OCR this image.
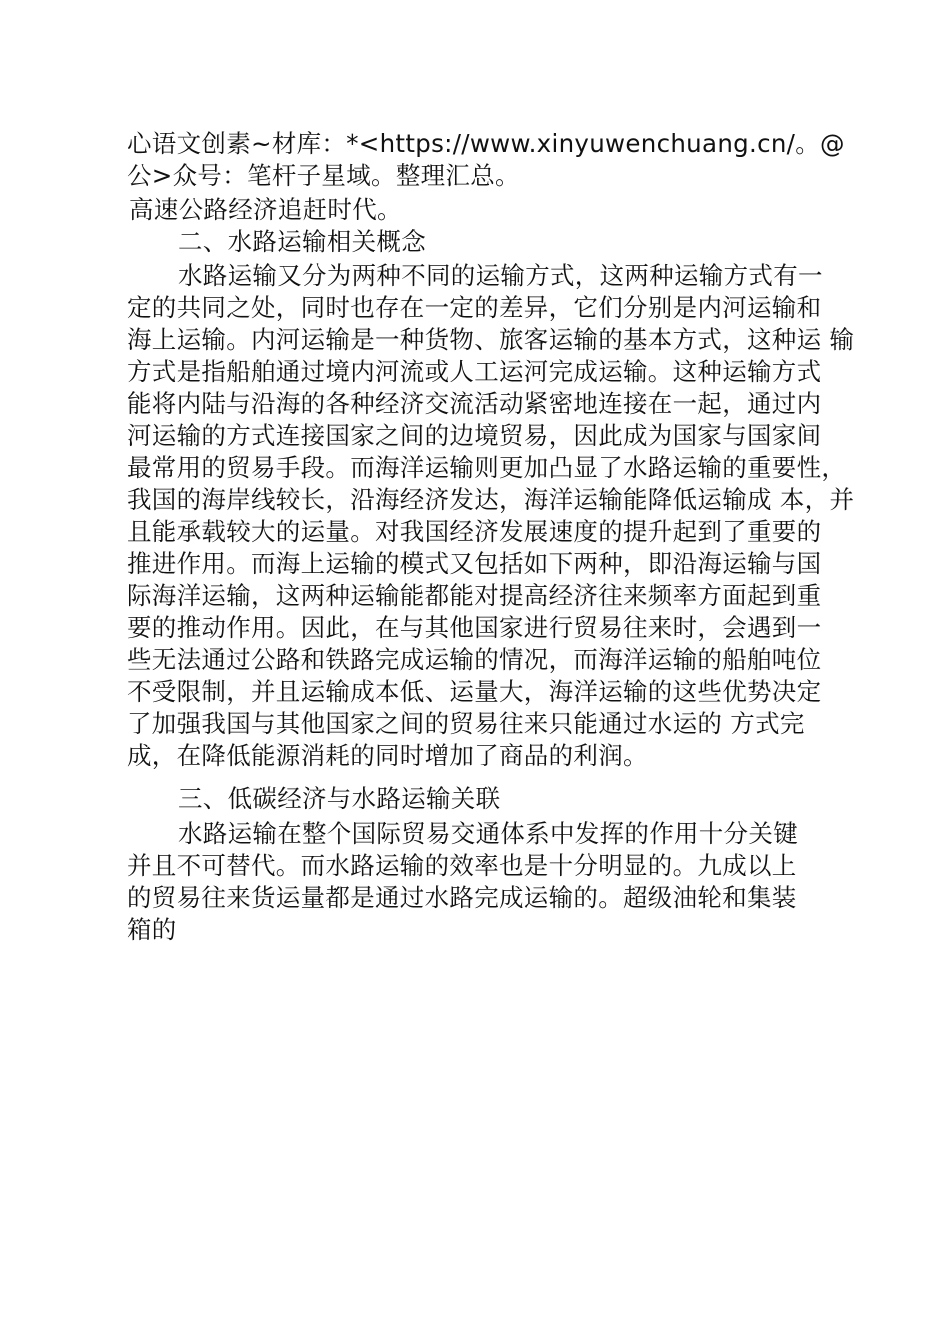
心语文创素~材库：*<https://www.xinyuwenchuang.cn/。@
公>众号：笔杆子星域。整理汇总。
高速公路经济追赶时代。
二、水路运输相关概念
水路运输又分为两种不同的运输方式，这两种运输方式有一
定的共同之处，同时也存在一定的差异，它们分别是内河运输和
海上运输。内河运输是一种货物、旅客运输的基本方式，这种运 输
方式是指船舶通过境内河流或人工运河完成运输。这种运输方式
能将内陆与沿海的各种经济交流活动紧密地连接在一起，通过内
河运输的方式连接国家之间的边境贸易，因此成为国家与国家间
最常用的贸易手段。而海洋运输则更加凸显了水路运输的重要性，
我国的海岸线较长，沿海经济发达，海洋运输能降低运输成 本，并
且能承载较大的运量。对我国经济发展速度的提升起到了重要的
推进作用。而海上运输的模式又包括如下两种，即沿海运输与国
际海洋运输，这两种运输能都能对提高经济往来频率方面起到重
要的推动作用。因此，在与其他国家进行贸易往来时，会遇到一
些无法通过公路和铁路完成运输的情况，而海洋运输的船舶吨位
不受限制，并且运输成本低、运量大，海洋运输的这些优势决定
了加强我国与其他国家之间的贸易往来只能通过水运的 方式完
成，在降低能源消耗的同时增加了商品的利润。
三、低碳经济与水路运输关联
水路运输在整个国际贸易交通体系中发挥的作用十分关键
并且不可替代。而水路运输的效率也是十分明显的。九成以上
的贸易往来货运量都是通过水路完成运输的。超级油轮和集装
箱的
